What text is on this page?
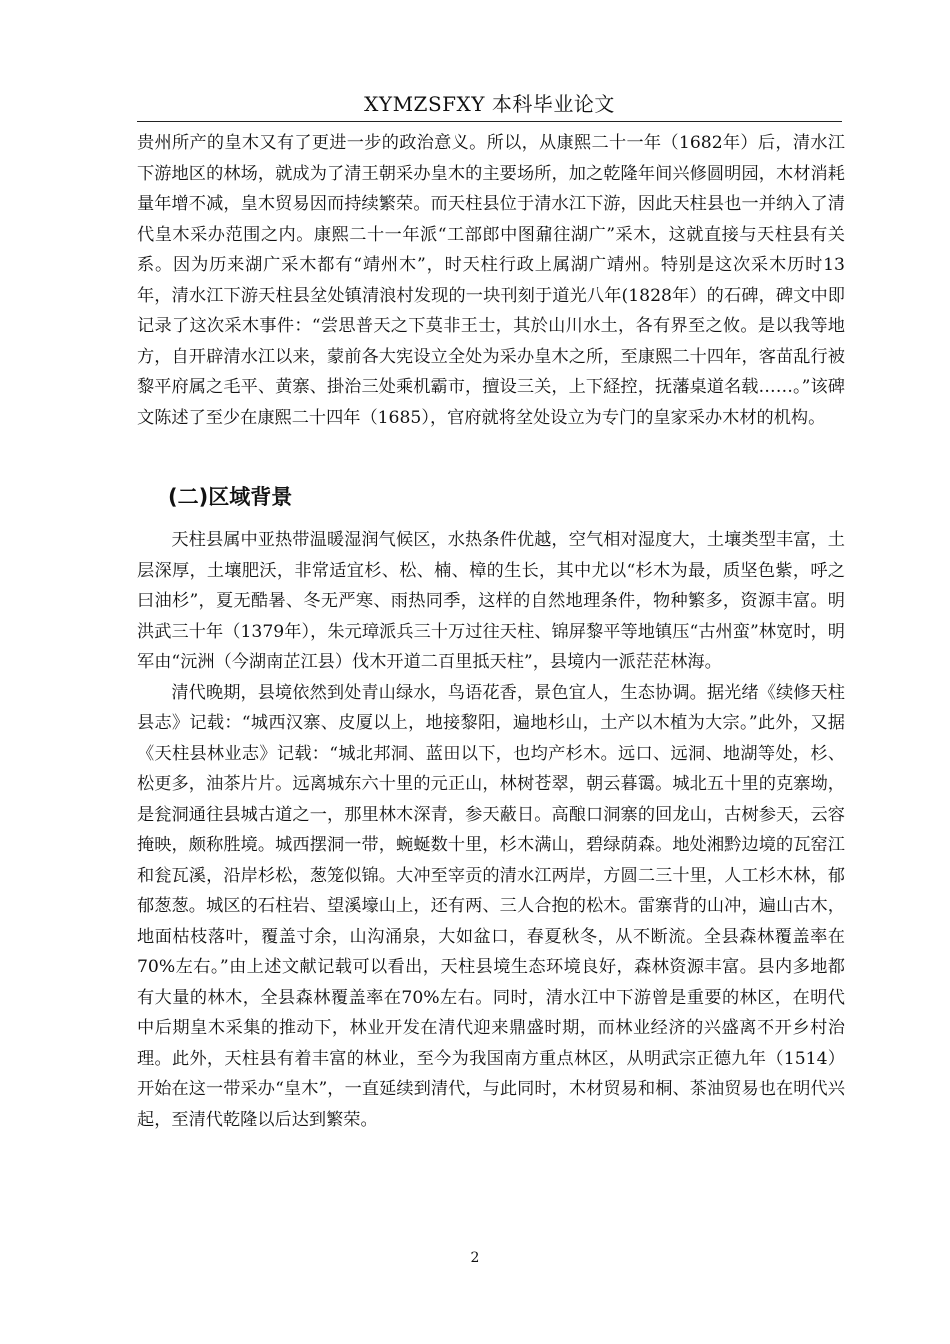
XYMZSFXY 本科毕业论文

贵州所产的皇木又有了更进一步的政治意义。所以，从康熙二十一年（1682年）后，清水江下游地区的林场，就成为了清王朝采办皇木的主要场所，加之乾隆年间兴修圆明园，木材消耗量年增不减，皇木贸易因而持续繁荣。而天柱县位于清水江下游，因此天柱县也一并纳入了清代皇木采办范围之内。康熙二十一年派“工部郎中图鼐往湖广”采木，这就直接与天柱县有关系。因为历来湖广采木都有“靖州木”，时天柱行政上属湖广靖州。特别是这次采木历时13年，清水江下游天柱县坌处镇清浪村发现的一块刊刻于道光八年(1828年）的石碑，碑文中即记录了这次采木事件：“尝思普天之下莫非王士，其於山川水土，各有界至之攸。是以我等地方，自开辟清水江以来，蒙前各大宪设立全处为采办皇木之所，至康熙二十四年，客苗乱行被黎平府属之毛平、黄寨、掛治三处乘机霸市，擅设三关，上下経控，抚藩桌道名载……。”该碑文陈述了至少在康熙二十四年（1685），官府就将坌处设立为专门的皇家采办木材的机构。

(二)区域背景

天柱县属中亚热带温暖湿润气候区，水热条件优越，空气相对湿度大，土壤类型丰富，土层深厚，土壤肥沃，非常适宜杉、松、楠、樟的生长，其中尤以“杉木为最，质坚色紫，呼之曰油杉”，夏无酷暑、冬无严寒、雨热同季，这样的自然地理条件，物种繁多，资源丰富。明洪武三十年（1379年），朱元璋派兵三十万过往天柱、锦屏黎平等地镇压“古州蛮”林宽时，明军由“沅洲（今湖南芷江县）伐木开道二百里抵天柱”，县境内一派茫茫林海。

清代晚期，县境依然到处青山绿水，鸟语花香，景色宜人，生态协调。据光绪《续修天柱县志》记载：“城西汉寨、皮厦以上，地接黎阳，遍地杉山，土产以木植为大宗。”此外，又据《天柱县林业志》记载：“城北邦洞、蓝田以下，也均产杉木。远口、远洞、地湖等处，杉、松更多，油茶片片。远离城东六十里的元正山，林树苍翠，朝云暮霭。城北五十里的克寨坳，是瓮洞通往县城古道之一，那里林木深青，参天蔽日。高酿口洞寨的回龙山，古树参天，云容掩映，颇称胜境。城西摆洞一带，蜿蜒数十里，杉木满山，碧绿荫森。地处湘黔边境的瓦窑江和瓮瓦溪，沿岸杉松，葱笼似锦。大冲至宰贡的清水江两岸，方圆二三十里，人工杉木林，郁郁葱葱。城区的石柱岩、望溪壕山上，还有两、三人合抱的松木。雷寨背的山冲，遍山古木，地面枯枝落叶，覆盖寸余，山沟涌泉，大如盆口，春夏秋冬，从不断流。全县森林覆盖率在70%左右。”由上述文献记载可以看出，天柱县境生态环境良好，森林资源丰富。县内多地都有大量的林木，全县森林覆盖率在70%左右。同时，清水江中下游曾是重要的林区，在明代中后期皇木采集的推动下，林业开发在清代迎来鼎盛时期，而林业经济的兴盛离不开乡村治理。此外，天柱县有着丰富的林业，至今为我国南方重点林区，从明武宗正德九年（1514）开始在这一带采办“皇木”，一直延续到清代，与此同时，木材贸易和桐、茶油贸易也在明代兴起，至清代乾隆以后达到繁荣。

2
